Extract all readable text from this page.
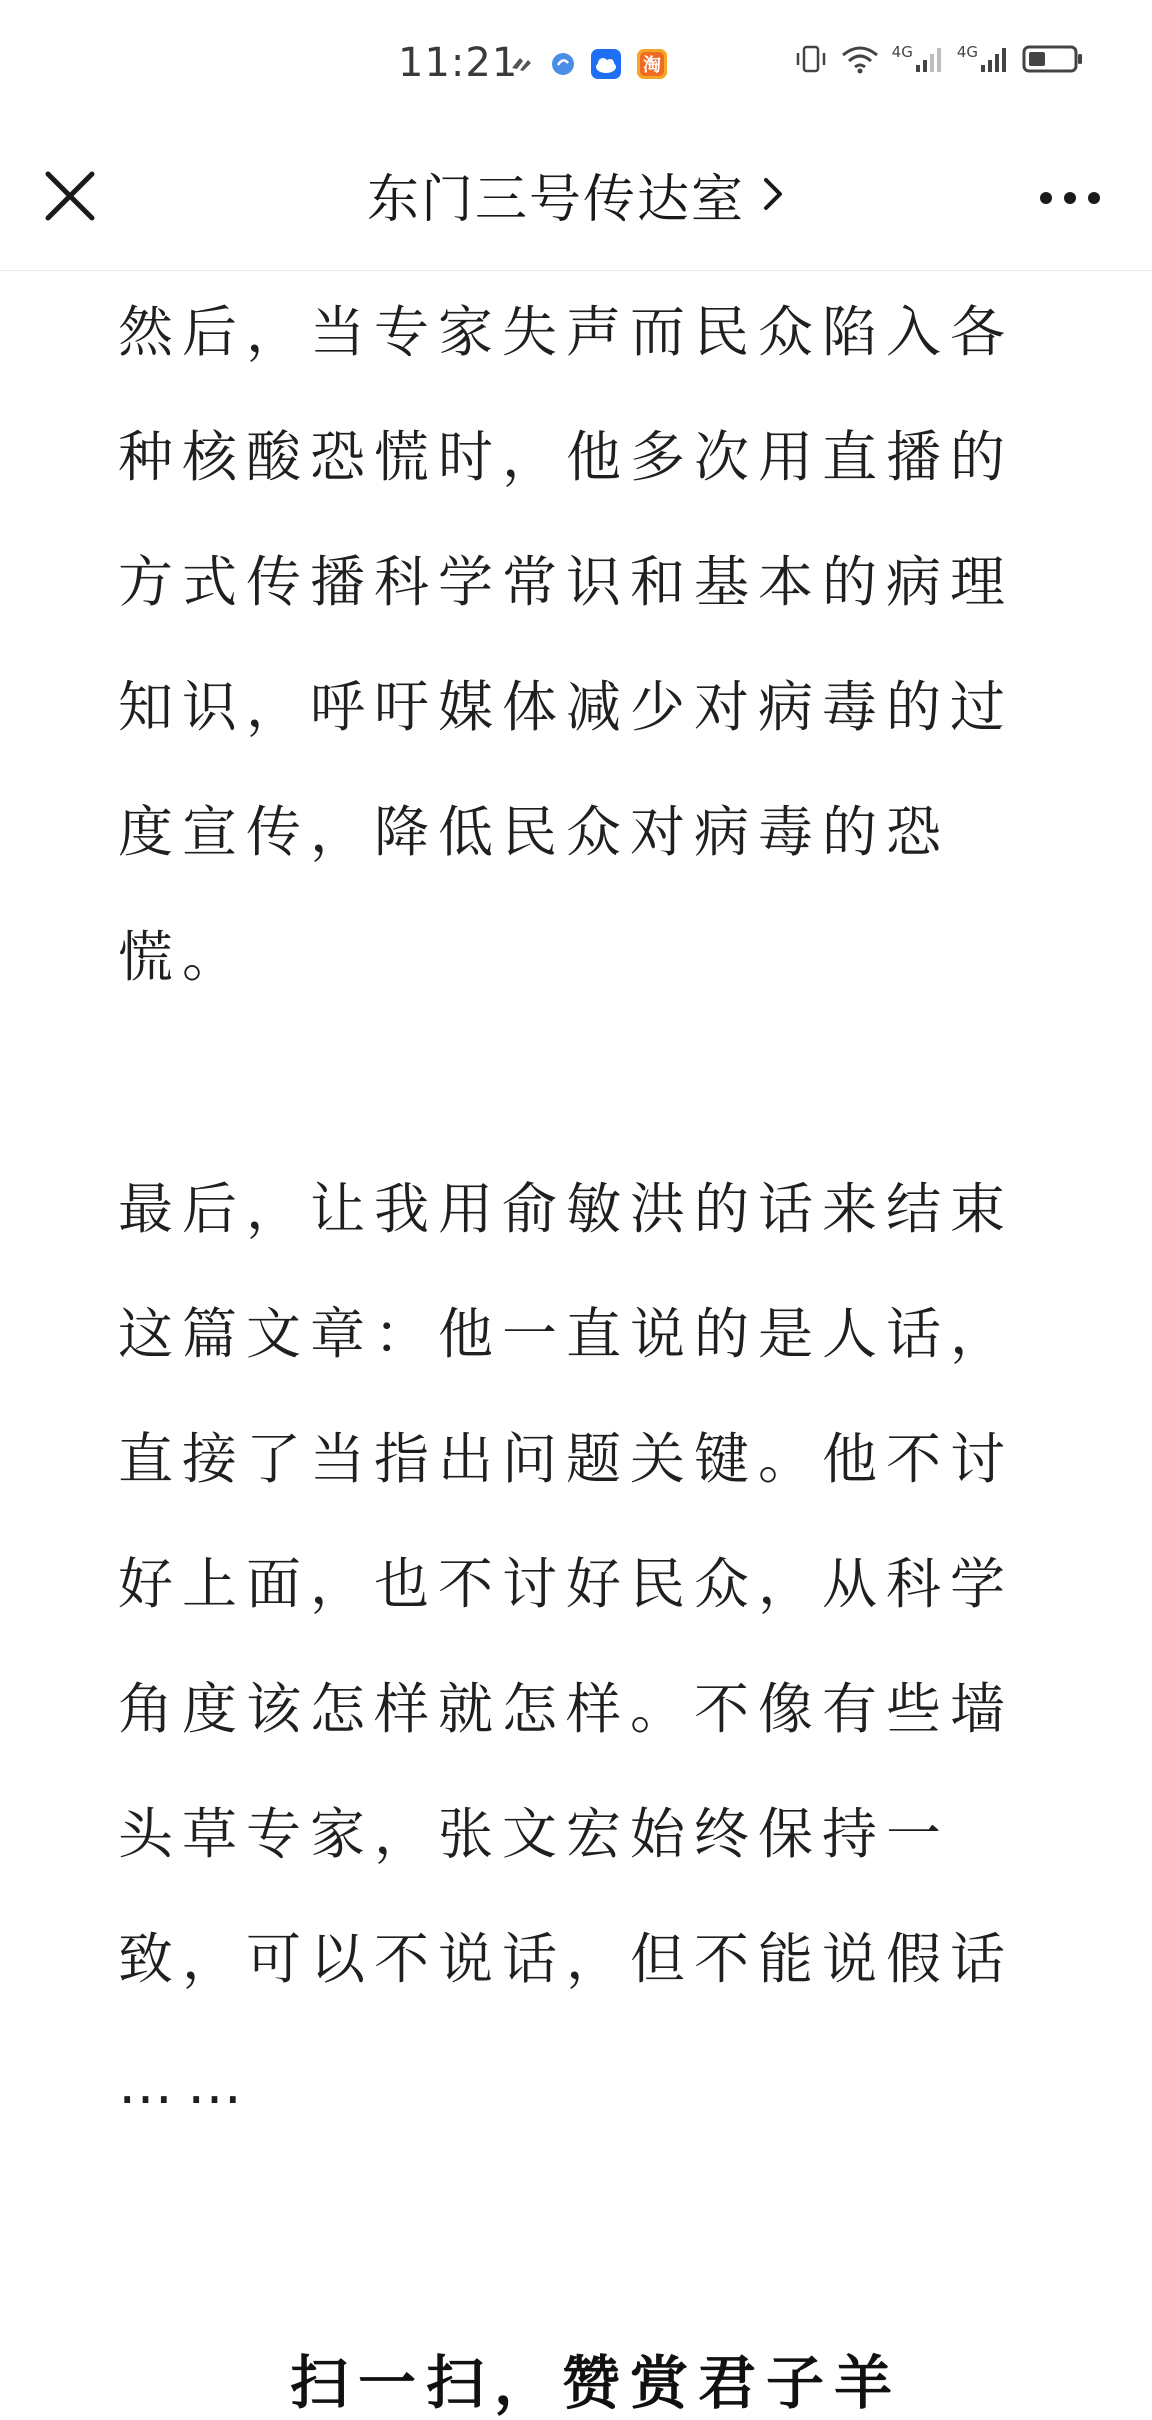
11:21	淘
4G	4G
东门三号传达室

然后，当专家失声而民众陷入各种核酸恐慌时，他多次用直播的方式传播科学常识和基本的病理知识，呼吁媒体减少对病毒的过度宣传，降低民众对病毒的恐慌。

最后，让我用俞敏洪的话来结束这篇文章：他一直说的是人话，直接了当指出问题关键。他不讨好上面，也不讨好民众，从科学角度该怎样就怎样。不像有些墙头草专家，张文宏始终保持一致，可以不说话，但不能说假话

……

扫一扫，赞赏君子羊
